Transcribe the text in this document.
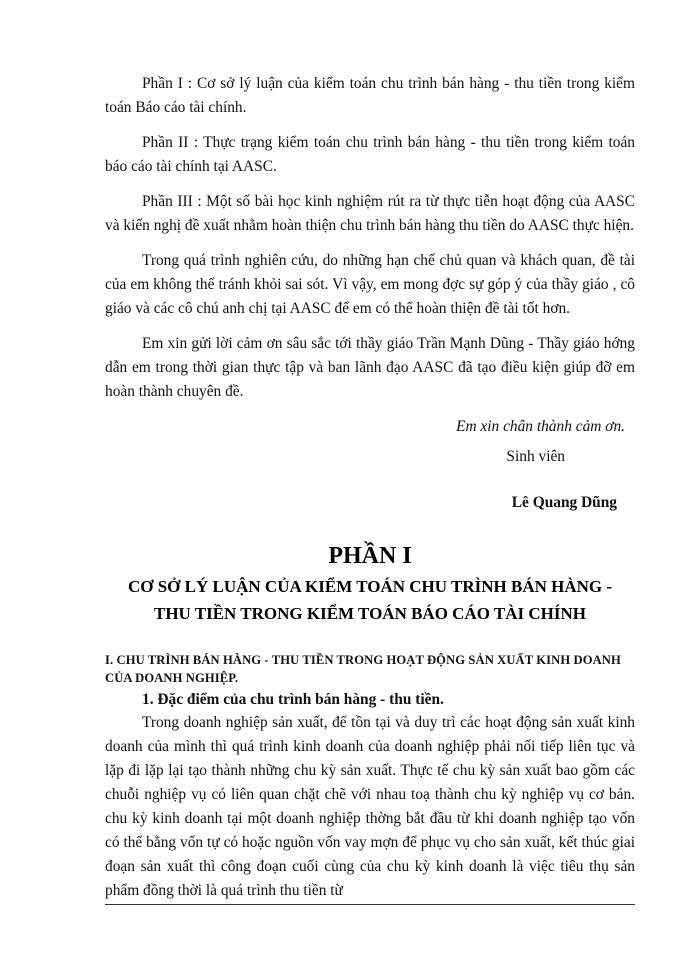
Phần I : Cơ sở lý luận của kiểm toán chu trình bán hàng - thu tiền trong kiểm toán Báo cáo tài chính.

Phần II : Thực trạng kiểm toán chu trình bán hàng - thu tiền trong kiểm toán báo cáo tài chính tại AASC.

Phần III : Một số bài học kinh nghiệm rút ra từ thực tiễn hoạt động của AASC và kiến nghị đề xuất nhằm hoàn thiện chu trình bán hàng thu tiền do AASC thực hiện.

Trong quá trình nghiên cứu, do những hạn chế chủ quan và khách quan, đề tài của em không thể tránh khỏi sai sót. Vì vậy, em mong đợc sự góp ý của thầy giáo , cô giáo và các cô chú anh chị tại AASC để em có thể hoàn thiện đề tài tốt hơn.

Em xin gửi lời cảm ơn sâu sắc tới thầy giáo Trần Mạnh Dũng - Thầy giáo hớng dẫn em trong thời gian thực tập và ban lãnh đạo AASC đã tạo điều kiện giúp đỡ em hoàn thành chuyên đề.

Em xin chân thành cảm ơn.

Sinh viên

Lê Quang Dũng

PHẦN I
CƠ SỞ LÝ LUẬN CỦA KIỂM TOÁN CHU TRÌNH BÁN HÀNG -
THU TIỀN TRONG KIỂM TOÁN BÁO CÁO TÀI CHÍNH

I. CHU TRÌNH BÁN HÀNG - THU TIỀN TRONG HOẠT ĐỘNG SẢN XUẤT KINH DOANH CỦA DOANH NGHIỆP.

1. Đặc điểm của chu trình bán hàng - thu tiền.

Trong doanh nghiệp sản xuất, để tồn tại và duy trì các hoạt động sản xuất kinh doanh của mình thì quá trình kinh doanh của doanh nghiệp phải nối tiếp liên tục và lặp đi lặp lại tạo thành những chu kỳ sản xuất. Thực tế chu kỳ sản xuất bao gồm các chuỗi nghiệp vụ có liên quan chặt chẽ với nhau toạ thành chu kỳ nghiệp vụ cơ bản. chu kỳ kinh doanh tại một doanh nghiệp thờng bắt đầu từ khi doanh nghiệp tạo vốn có thể bằng vốn tự có hoặc nguồn vốn vay mợn để phục vụ cho sản xuất, kết thúc giai đoạn sản xuất thì công đoạn cuối cùng của chu kỳ kinh doanh là việc tiêu thụ sản phẩm đồng thời là quá trình thu tiền từ
